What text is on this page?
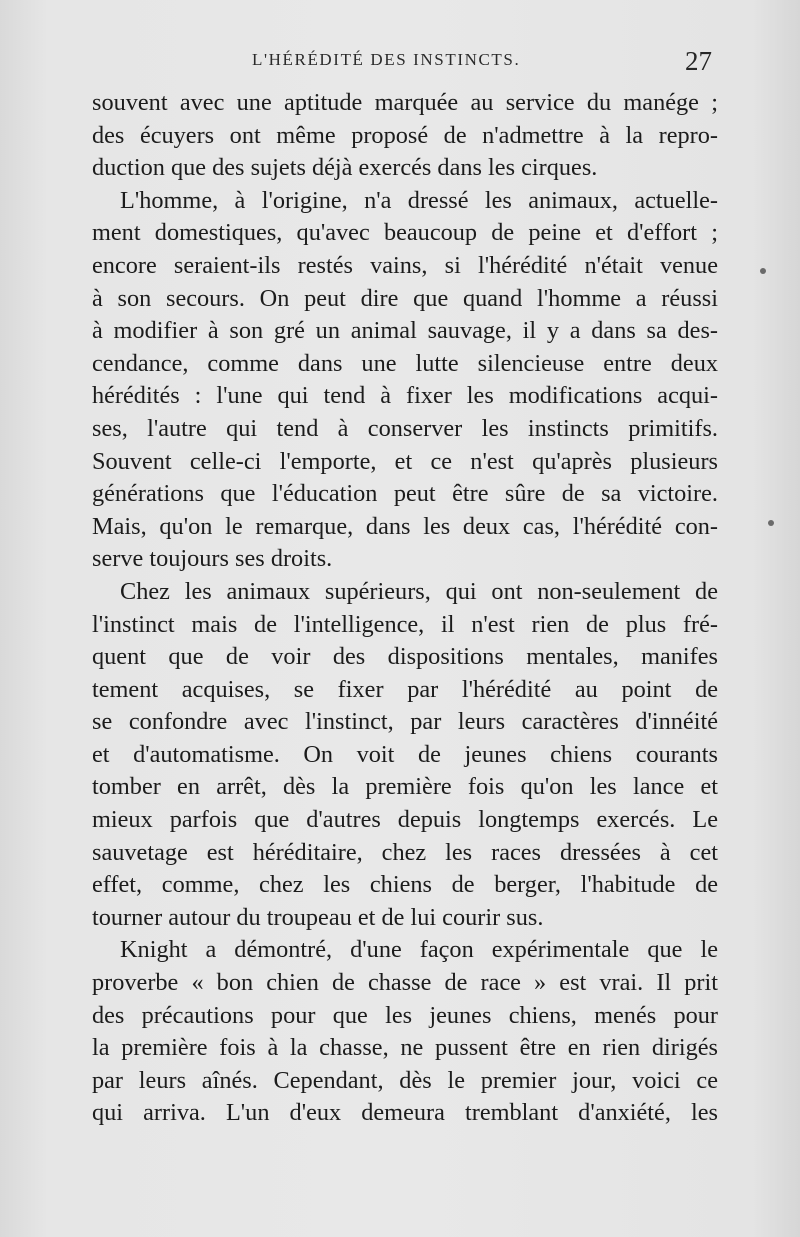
L'HÉRÉDITÉ DES INSTINCTS.	27
souvent avec une aptitude marquée au service du manége ;
des écuyers ont même proposé de n'admettre à la repro-
duction que des sujets déjà exercés dans les cirques.
L'homme, à l'origine, n'a dressé les animaux, actuelle-
ment domestiques, qu'avec beaucoup de peine et d'effort ;
encore seraient-ils restés vains, si l'hérédité n'était venue
à son secours. On peut dire que quand l'homme a réussi
à modifier à son gré un animal sauvage, il y a dans sa des-
cendance, comme dans une lutte silencieuse entre deux
hérédités : l'une qui tend à fixer les modifications acqui-
ses, l'autre qui tend à conserver les instincts primitifs.
Souvent celle-ci l'emporte, et ce n'est qu'après plusieurs
générations que l'éducation peut être sûre de sa victoire.
Mais, qu'on le remarque, dans les deux cas, l'hérédité con-
serve toujours ses droits.
Chez les animaux supérieurs, qui ont non-seulement de
l'instinct mais de l'intelligence, il n'est rien de plus fré-
quent que de voir des dispositions mentales, manifes
tement acquises, se fixer par l'hérédité au point de
se confondre avec l'instinct, par leurs caractères d'innéité
et d'automatisme. On voit de jeunes chiens courants
tomber en arrêt, dès la première fois qu'on les lance et
mieux parfois que d'autres depuis longtemps exercés. Le
sauvetage est héréditaire, chez les races dressées à cet
effet, comme, chez les chiens de berger, l'habitude de
tourner autour du troupeau et de lui courir sus.
Knight a démontré, d'une façon expérimentale que le
proverbe « bon chien de chasse de race » est vrai. Il prit
des précautions pour que les jeunes chiens, menés pour
la première fois à la chasse, ne pussent être en rien dirigés
par leurs aînés. Cependant, dès le premier jour, voici ce
qui arriva. L'un d'eux demeura tremblant d'anxiété, les
